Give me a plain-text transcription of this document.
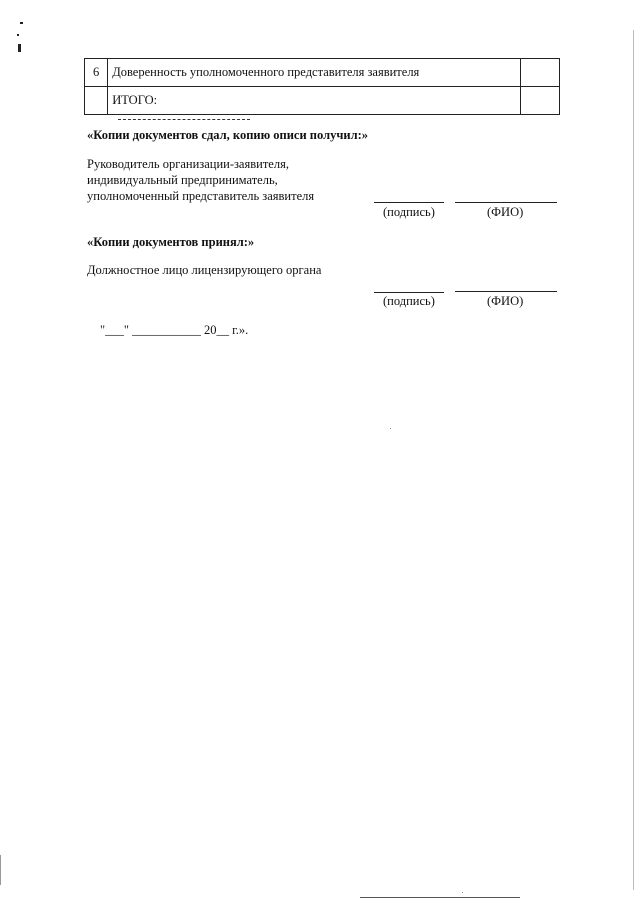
6	Доверенность уполномоченного представителя заявителя	
	ИТОГО:	
«Копии документов сдал, копию описи получил:»
Руководитель организации-заявителя,
индивидуальный предприниматель,
уполномоченный представитель заявителя
(подпись)	(ФИО)
«Копии документов принял:»
Должностное лицо лицензирующего органа
(подпись)	(ФИО)
"___" ___________ 20__ г.».
